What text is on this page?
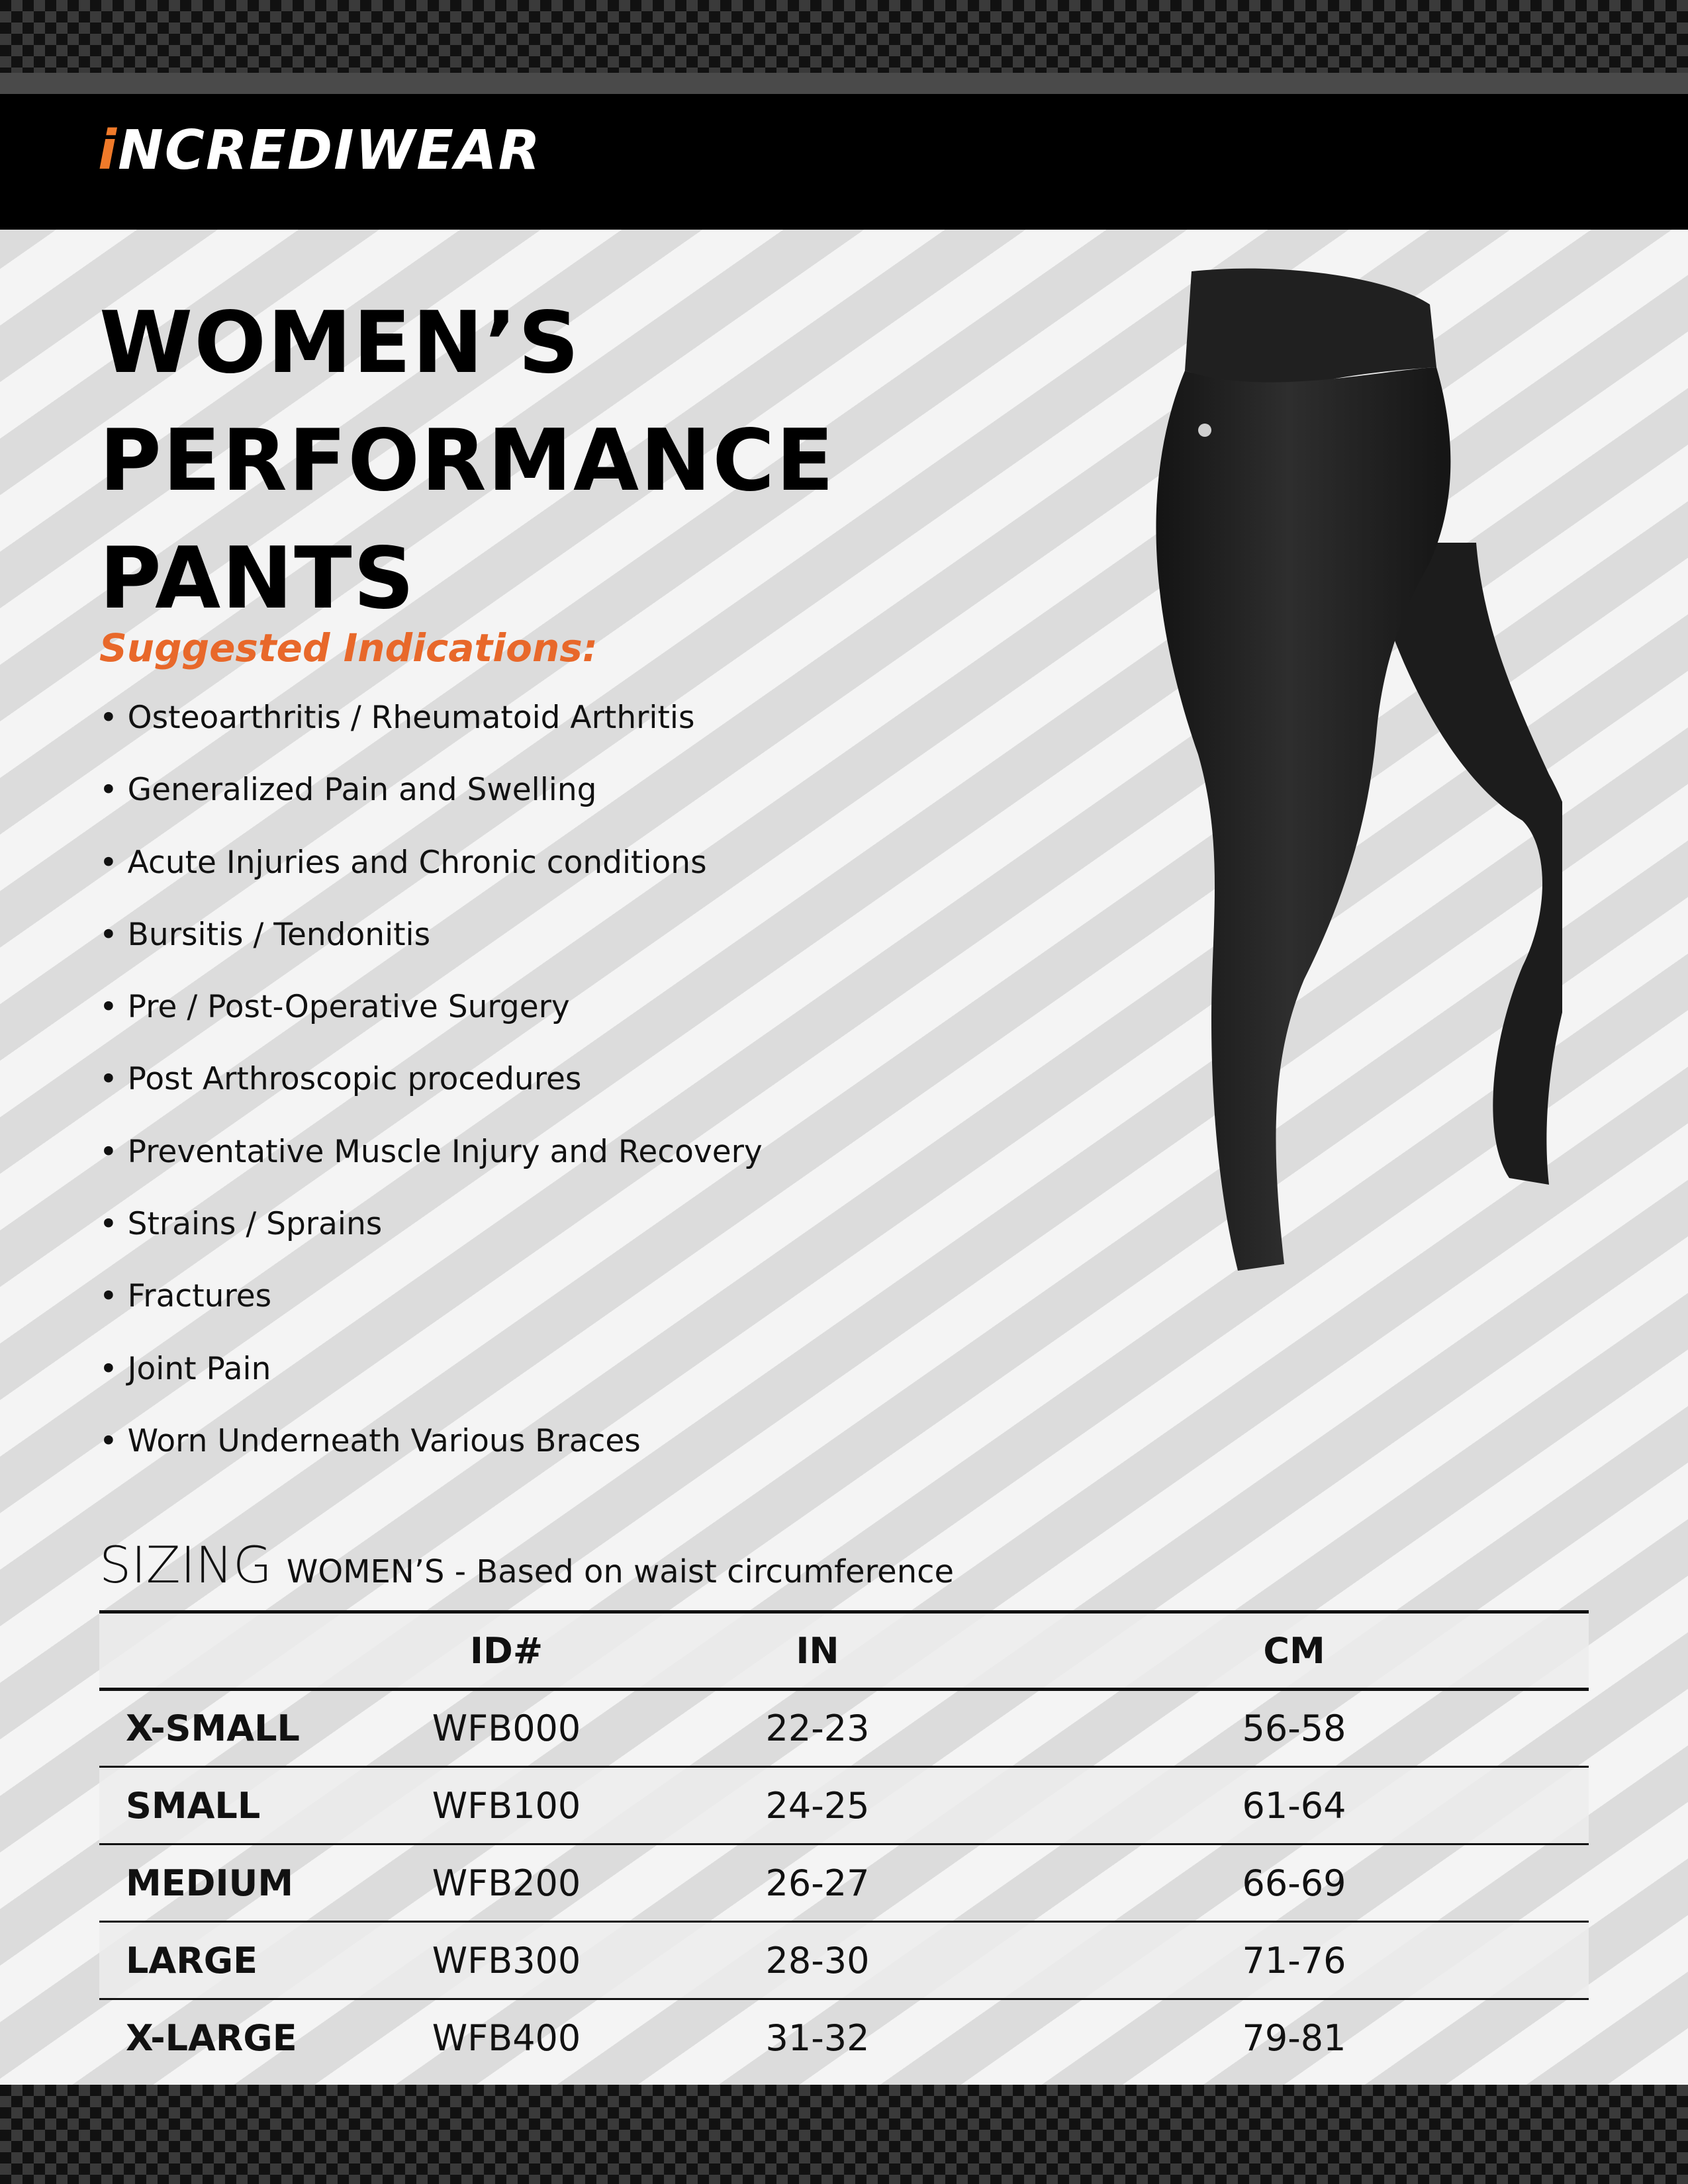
iNCREDIWEAR
WOMEN’S
PERFORMANCE
PANTS
Suggested Indications:
• Osteoarthritis / Rheumatoid Arthritis
• Generalized Pain and Swelling
• Acute Injuries and Chronic conditions
• Bursitis / Tendonitis
• Pre / Post-Operative Surgery
• Post Arthroscopic procedures
• Preventative Muscle Injury and Recovery
• Strains / Sprains
• Fractures
• Joint Pain
• Worn Underneath Various Braces
SIZING WOMEN’S - Based on waist circumference
	ID#	IN	CM
X-SMALL	WFB000	22-23	56-58
SMALL	WFB100	24-25	61-64
MEDIUM	WFB200	26-27	66-69
LARGE	WFB300	28-30	71-76
X-LARGE	WFB400	31-32	79-81
